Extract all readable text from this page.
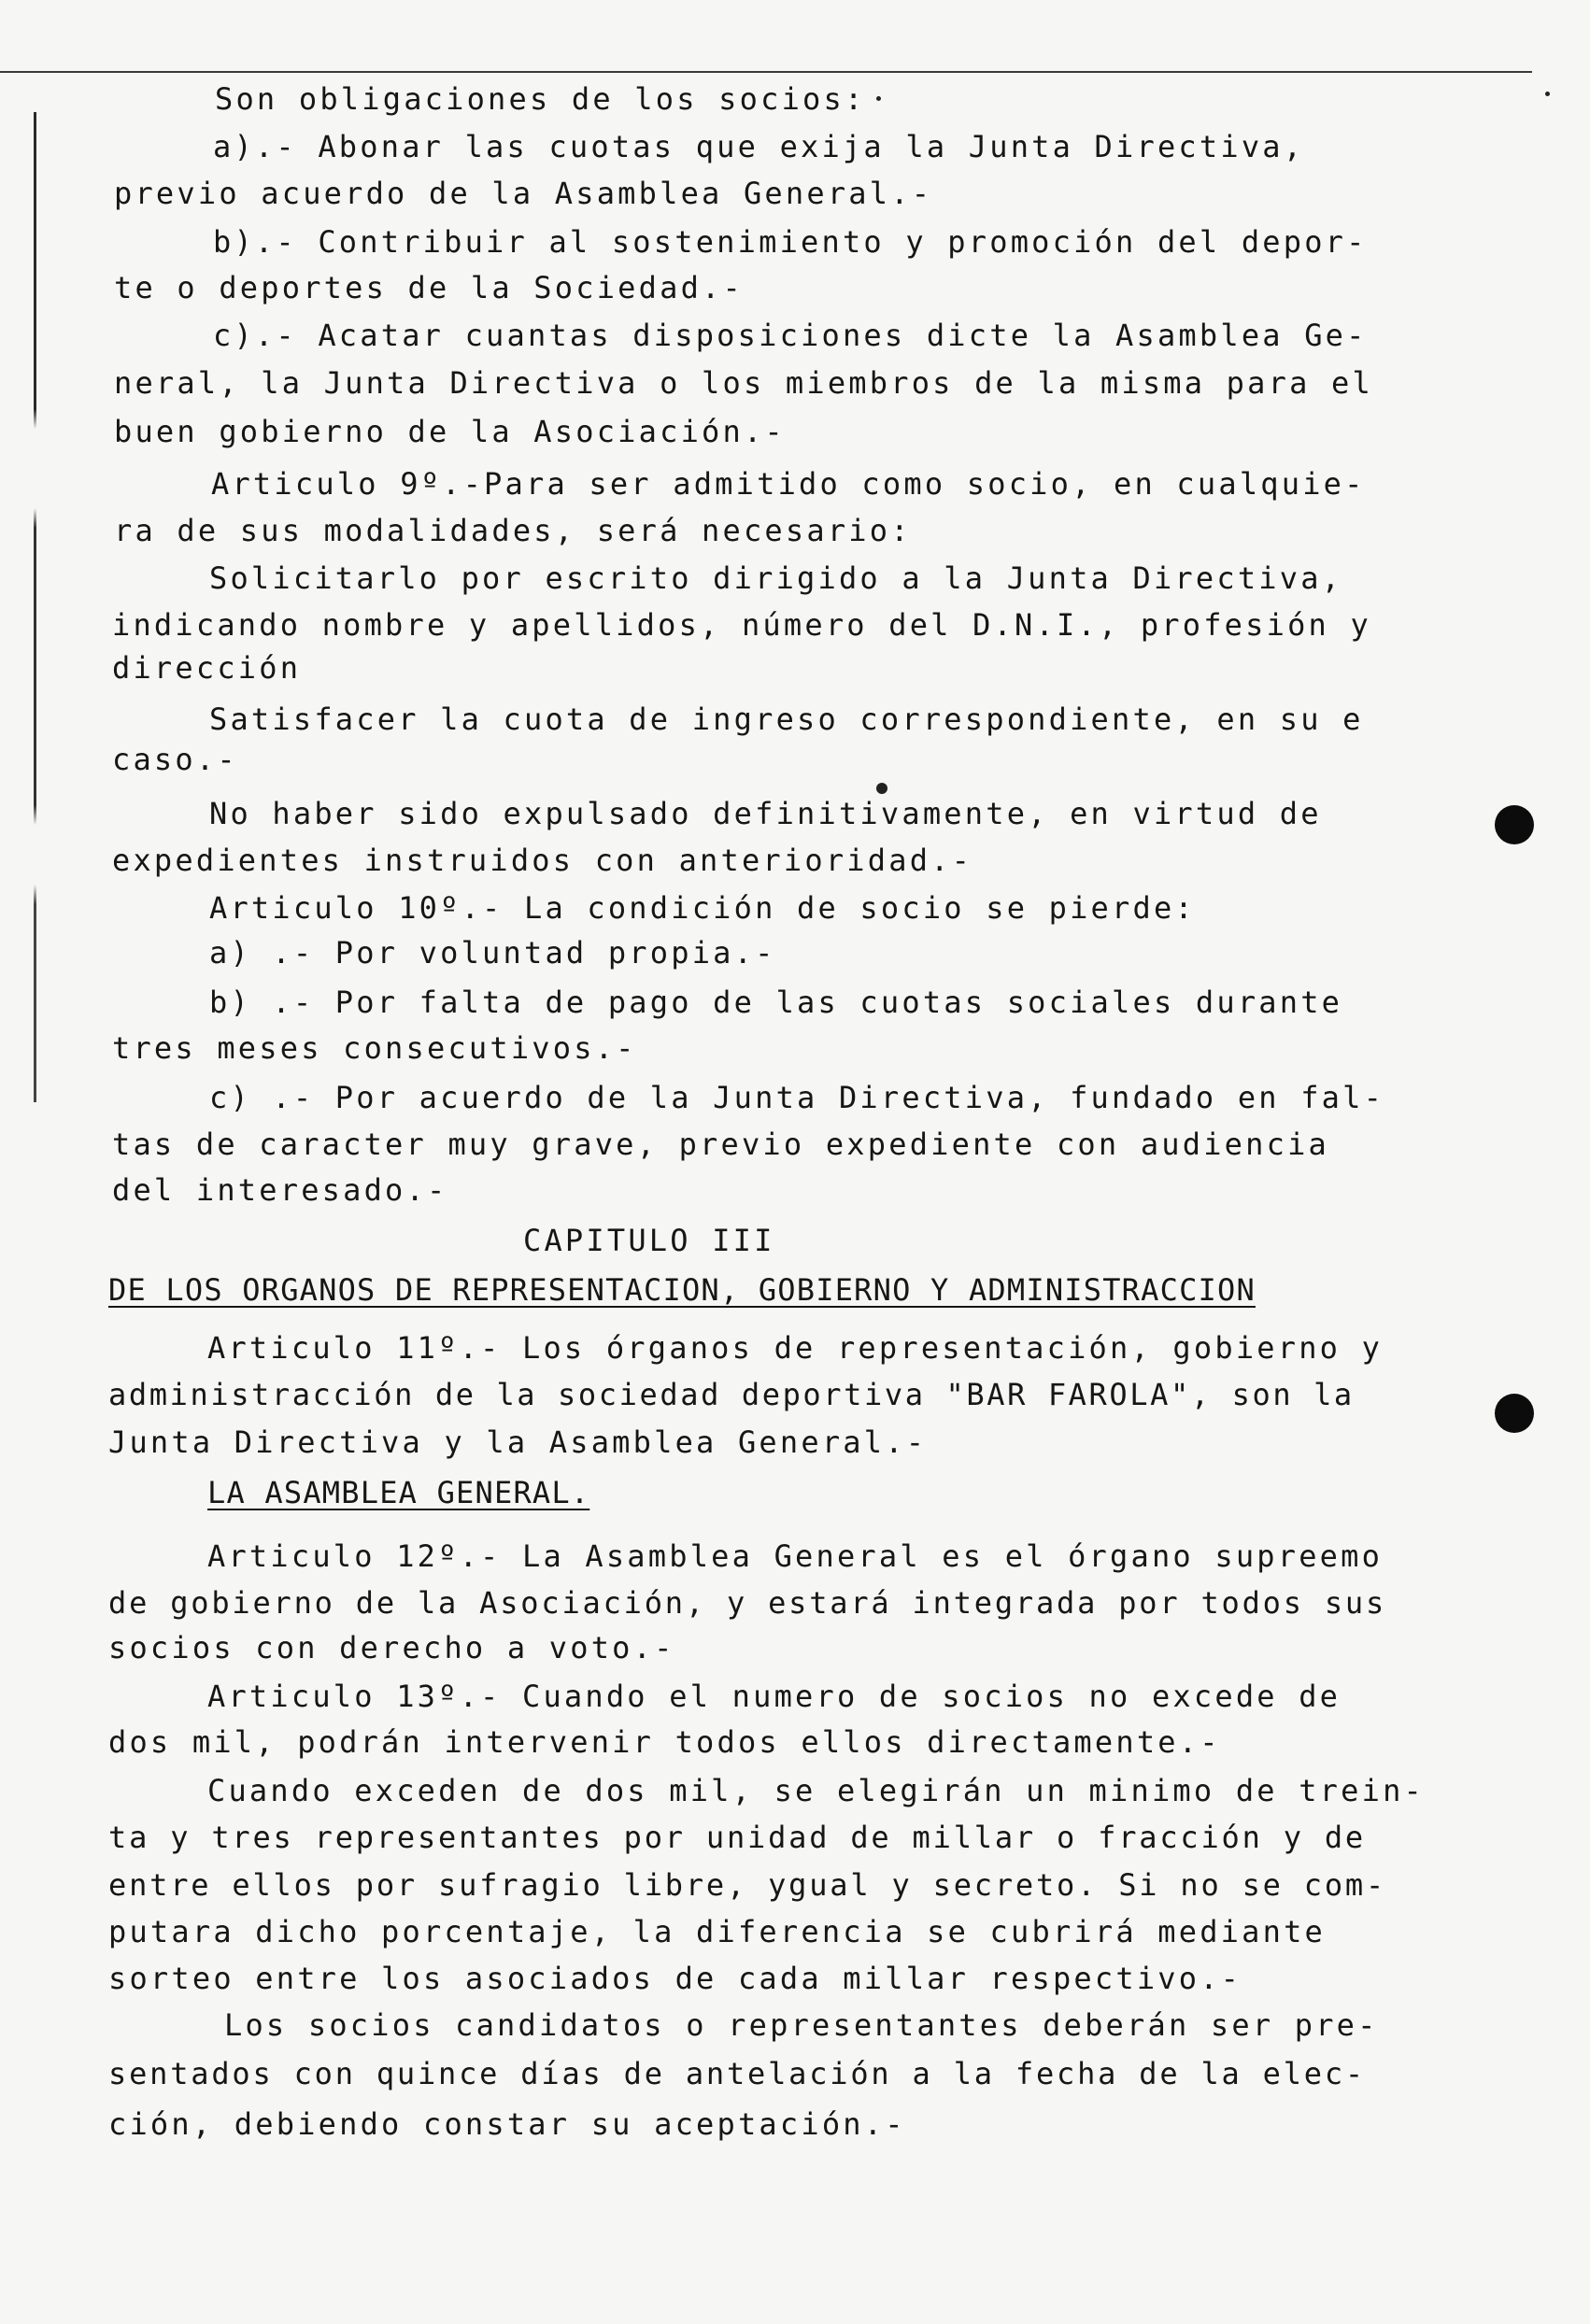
Son obligaciones de los socios:
a).- Abonar las cuotas que exija la Junta Directiva,
previo acuerdo de la Asamblea General.-
b).- Contribuir al sostenimiento y promoción del depor-
te o deportes de la Sociedad.-
c).- Acatar cuantas disposiciones dicte la Asamblea Ge-
neral, la Junta Directiva o los miembros de la misma para el
buen gobierno de la Asociación.-
Articulo 9º.-Para ser admitido como socio, en cualquie-
ra de sus modalidades, será necesario:
Solicitarlo por escrito dirigido a la Junta Directiva,
indicando nombre y apellidos, número del D.N.I., profesión y
dirección
Satisfacer la cuota de ingreso correspondiente, en su e
caso.-
No haber sido expulsado definitivamente, en virtud de
expedientes instruidos con anterioridad.-
Articulo 10º.- La condición de socio se pierde:
a) .- Por voluntad propia.-
b) .- Por falta de pago de las cuotas sociales durante
tres meses consecutivos.-
c) .- Por acuerdo de la Junta Directiva, fundado en fal-
tas de caracter muy grave, previo expediente con audiencia
del interesado.-
CAPITULO III
DE LOS ORGANOS DE REPRESENTACION, GOBIERNO Y ADMINISTRACCION
Articulo 11º.- Los órganos de representación, gobierno y
administracción de la sociedad deportiva "BAR FAROLA", son la
Junta Directiva y la Asamblea General.-
LA ASAMBLEA GENERAL.
Articulo 12º.- La Asamblea General es el órgano supreemo
de gobierno de la Asociación, y estará integrada por todos sus
socios con derecho a voto.-
Articulo 13º.- Cuando el numero de socios no excede de
dos mil, podrán intervenir todos ellos directamente.-
Cuando exceden de dos mil, se elegirán un minimo de trein-
ta y tres representantes por unidad de millar o fracción y de
entre ellos por sufragio libre, ygual y secreto. Si no se com-
putara dicho porcentaje, la diferencia se cubrirá mediante
sorteo entre los asociados de cada millar respectivo.-
Los socios candidatos o representantes deberán ser pre-
sentados con quince días de antelación a la fecha de la elec-
ción, debiendo constar su aceptación.-
